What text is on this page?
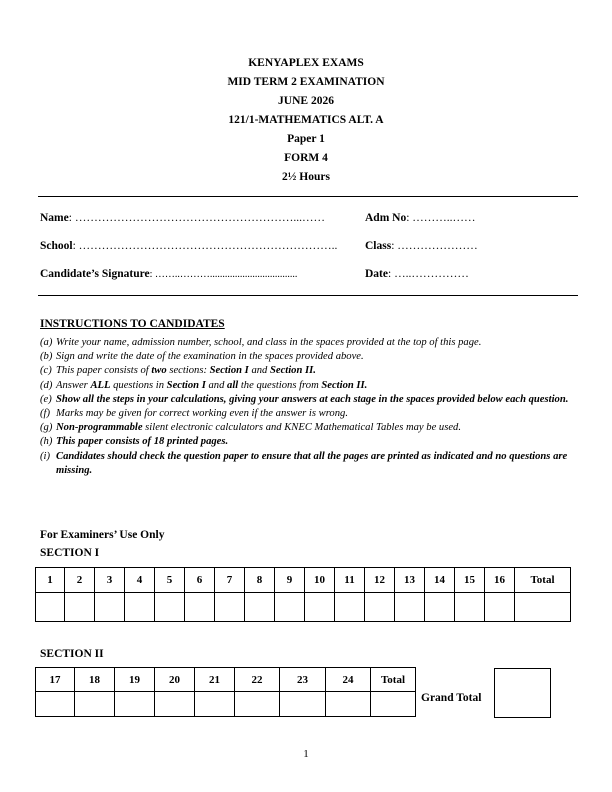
KENYAPLEX EXAMS
MID TERM 2 EXAMINATION
JUNE 2026
121/1-MATHEMATICS ALT. A
Paper 1
FORM 4
2½ Hours
Name: …………………………………………………...……	Adm No: ………..……
School: ………………………………………………………….. Class: …………………
Candidate’s Signature: ……..………...................................	Date: …..……………
INSTRUCTIONS TO CANDIDATES
(a) Write your name, admission number, school, and class in the spaces provided at the top of this page.
(b) Sign and write the date of the examination in the spaces provided above.
(c) This paper consists of two sections: Section I and Section II.
(d) Answer ALL questions in Section I and all the questions from Section II.
(e) Show all the steps in your calculations, giving your answers at each stage in the spaces provided below each question.
(f) Marks may be given for correct working even if the answer is wrong.
(g) Non-programmable silent electronic calculators and KNEC Mathematical Tables may be used.
(h) This paper consists of 18 printed pages.
(i) Candidates should check the question paper to ensure that all the pages are printed as indicated and no questions are missing.
For Examiners’ Use Only
SECTION I
1	2	3	4	5	6	7	8	9	10	11	12	13	14	15	16	Total

SECTION II
17	18	19	20	21	22	23	24	Total

Grand Total
1
